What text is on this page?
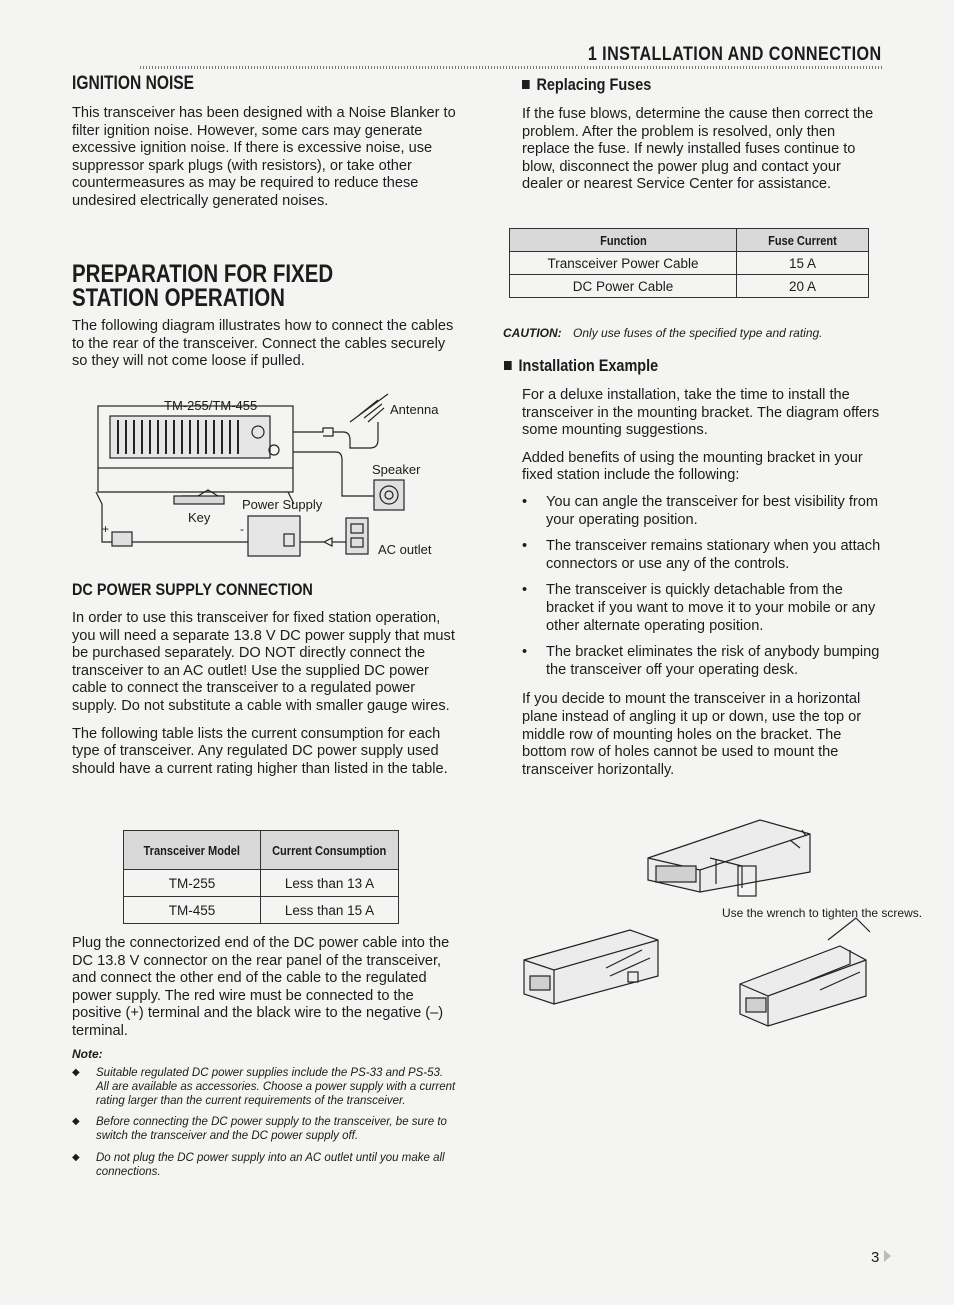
1 INSTALLATION AND CONNECTION
IGNITION NOISE

This transceiver has been designed with a Noise Blanker to filter ignition noise. However, some cars may generate excessive ignition noise. If there is excessive noise, use suppressor spark plugs (with resistors), or take other countermeasures as may be required to reduce these undesired electrically generated noises.

PREPARATION FOR FIXED STATION OPERATION

The following diagram illustrates how to connect the cables to the rear of the transceiver. Connect the cables securely so they will not come loose if pulled.

TM-255/TM-455	Antenna
Speaker
Key
+	-
Power Supply
AC outlet
DC POWER SUPPLY CONNECTION

In order to use this transceiver for fixed station operation, you will need a separate 13.8 V DC power supply that must be purchased separately. DO NOT directly connect the transceiver to an AC outlet! Use the supplied DC power cable to connect the transceiver to a regulated power supply. Do not substitute a cable with smaller gauge wires.

The following table lists the current consumption for each type of transceiver. Any regulated DC power supply used should have a current rating higher than listed in the table.

Transceiver Model	Current Consumption
TM-255	Less than 13 A
TM-455	Less than 15 A

Plug the connectorized end of the DC power cable into the DC 13.8 V connector on the rear panel of the transceiver, and connect the other end of the cable to the regulated power supply. The red wire must be connected to the positive (+) terminal and the black wire to the negative (–) terminal.

Note:
◆ Suitable regulated DC power supplies include the PS-33 and PS-53. All are available as accessories. Choose a power supply with a current rating larger than the current requirements of the transceiver.
◆ Before connecting the DC power supply to the transceiver, be sure to switch the transceiver and the DC power supply off.
◆ Do not plug the DC power supply into an AC outlet until you make all connections.
Replacing Fuses

If the fuse blows, determine the cause then correct the problem. After the problem is resolved, only then replace the fuse. If newly installed fuses continue to blow, disconnect the power plug and contact your dealer or nearest Service Center for assistance.

Function	Fuse Current
Transceiver Power Cable	15 A
DC Power Cable	20 A
CAUTION: Only use fuses of the specified type and rating.
Installation Example

For a deluxe installation, take the time to install the transceiver in the mounting bracket. The diagram offers some mounting suggestions.

Added benefits of using the mounting bracket in your fixed station include the following:

• You can angle the transceiver for best visibility from your operating position.

• The transceiver remains stationary when you attach connectors or use any of the controls.

• The transceiver is quickly detachable from the bracket if you want to move it to your mobile or any other alternate operating position.

• The bracket eliminates the risk of anybody bumping the transceiver off your operating desk.

If you decide to mount the transceiver in a horizontal plane instead of angling it up or down, use the top or middle row of mounting holes on the bracket. The bottom row of holes cannot be used to mount the transceiver horizontally.

Use the wrench to tighten the screws.
3
